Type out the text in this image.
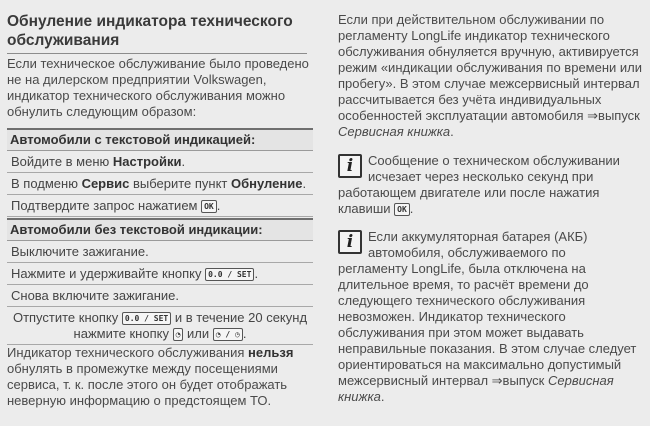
Обнуление индикатора технического обслуживания
Если техническое обслуживание было проведено не на дилерском предприятии Volkswagen, индикатор технического обслуживания можно обнулить следующим образом:
Автомобили с текстовой индикацией:
Войдите в меню Настройки.
В подменю Сервис выберите пункт Обнуление.
Подтвердите запрос нажатием OK .
Автомобили без текстовой индикации:
Выключите зажигание.
Нажмите и удерживайте кнопку 0.0 / SET .
Снова включите зажигание.
Отпустите кнопку 0.0 / SET и в течение 20 секунд нажмите кнопку ◔ или ◔ / ◷ .
Индикатор технического обслуживания нельзя обнулять в промежутке между посещениями сервиса, т. к. после этого он будет отображать неверную информацию о предстоящем ТО.
Если при действительном обслуживании по регламенту LongLife индикатор технического обслуживания обнуляется вручную, активируется режим «индикации обслуживания по времени или пробегу». В этом случае межсервисный интервал рассчитывается без учёта индивидуальных особенностей эксплуатации автомобиля ⇒выпуск Сервисная книжка.
i Сообщение о техническом обслуживании исчезает через несколько секунд при работающем двигателе или после нажатия клавиши OK .
i Если аккумуляторная батарея (АКБ) автомобиля, обслуживаемого по регламенту LongLife, была отключена на длительное время, то расчёт времени до следующего технического обслуживания невозможен. Индикатор технического обслуживания при этом может выдавать неправильные показания. В этом случае следует ориентироваться на максимально допустимый межсервисный интервал ⇒выпуск Сервисная книжка.
